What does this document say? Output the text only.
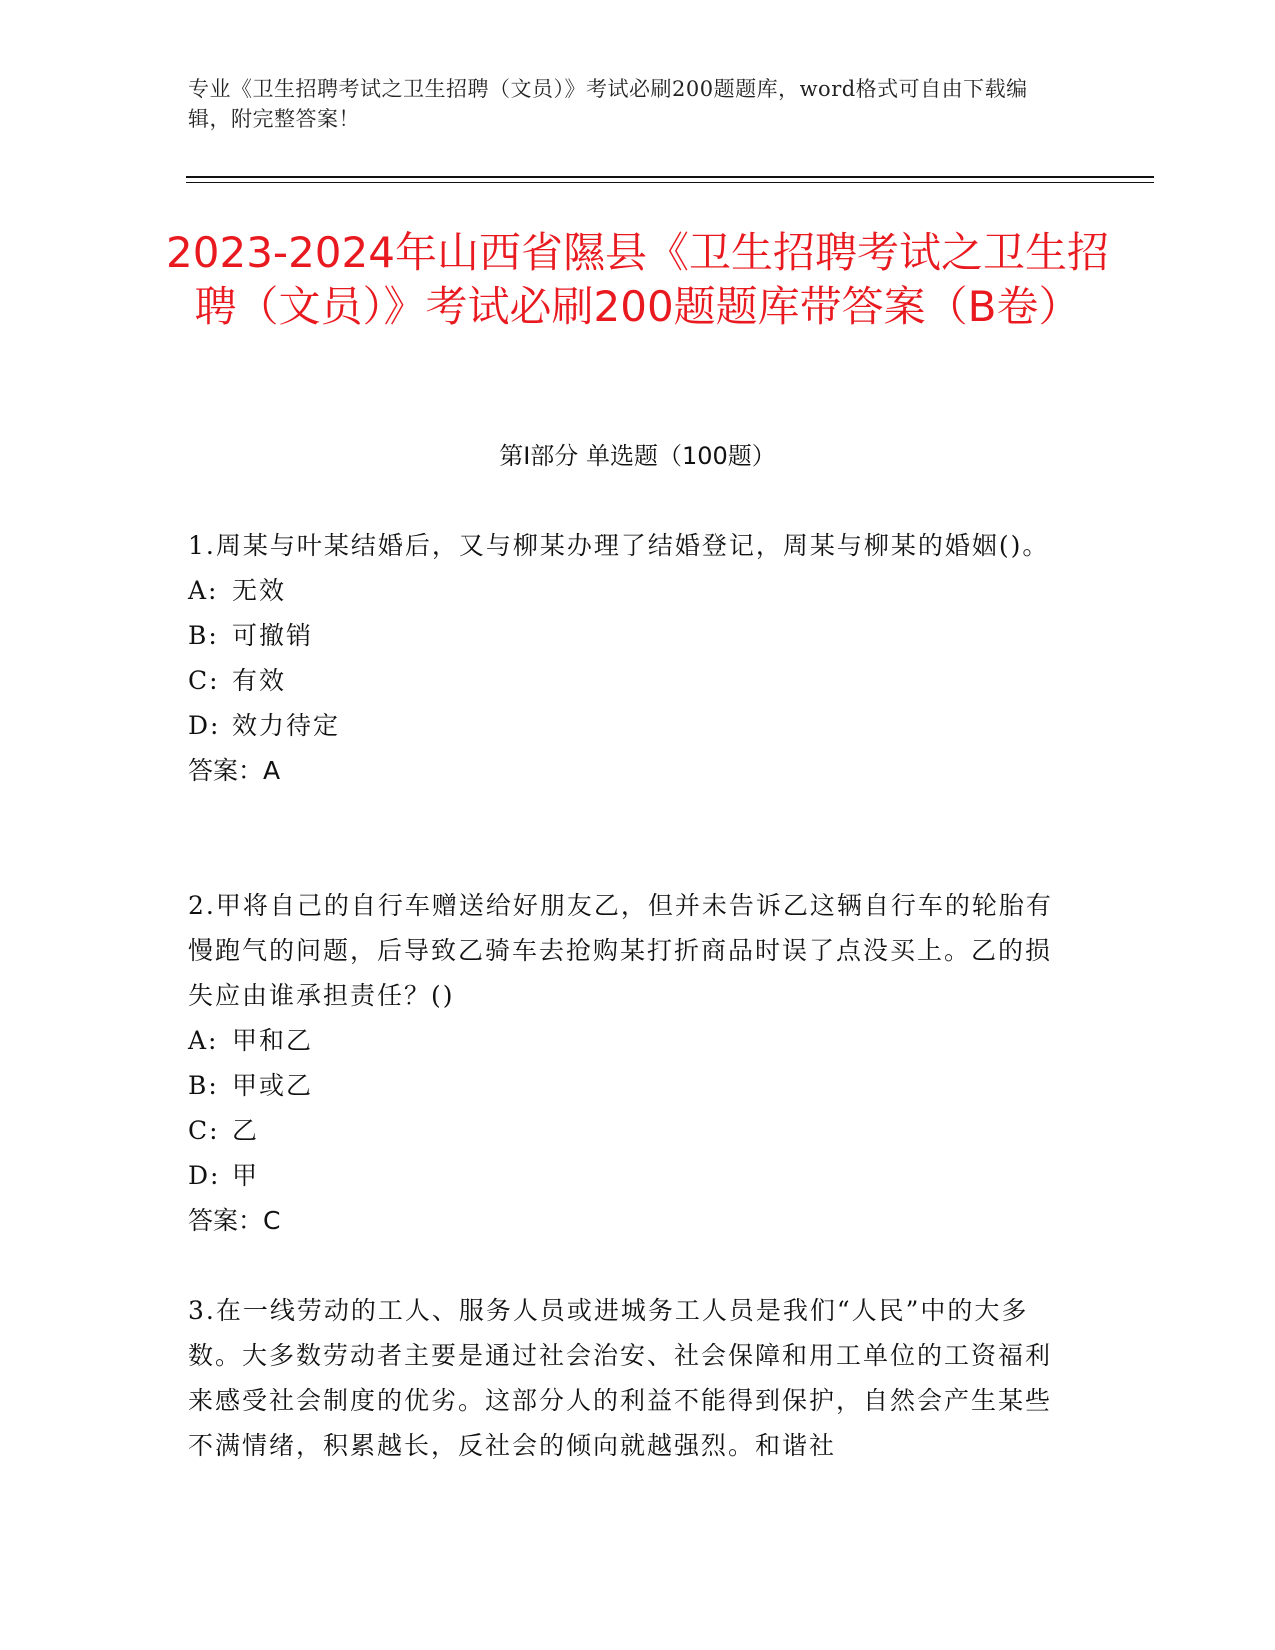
专业《卫生招聘考试之卫生招聘（文员）》考试必刷200题题库，word格式可自由下载编辑，附完整答案！
2023-2024年山西省隰县《卫生招聘考试之卫生招聘（文员）》考试必刷200题题库带答案（B卷）
第I部分 单选题（100题）

1.周某与叶某结婚后，又与柳某办理了结婚登记，周某与柳某的婚姻()。

A: 无效

B: 可撤销

C: 有效

D: 效力待定

答案：A

2.甲将自己的自行车赠送给好朋友乙，但并未告诉乙这辆自行车的轮胎有慢跑气的问题，后导致乙骑车去抢购某打折商品时误了点没买上。乙的损失应由谁承担责任？()

A: 甲和乙

B: 甲或乙

C: 乙

D: 甲

答案：C

3.在一线劳动的工人、服务人员或进城务工人员是我们“人民”中的大多数。大多数劳动者主要是通过社会治安、社会保障和用工单位的工资福利来感受社会制度的优劣。这部分人的利益不能得到保护，自然会产生某些不满情绪，积累越长，反社会的倾向就越强烈。和谐社
